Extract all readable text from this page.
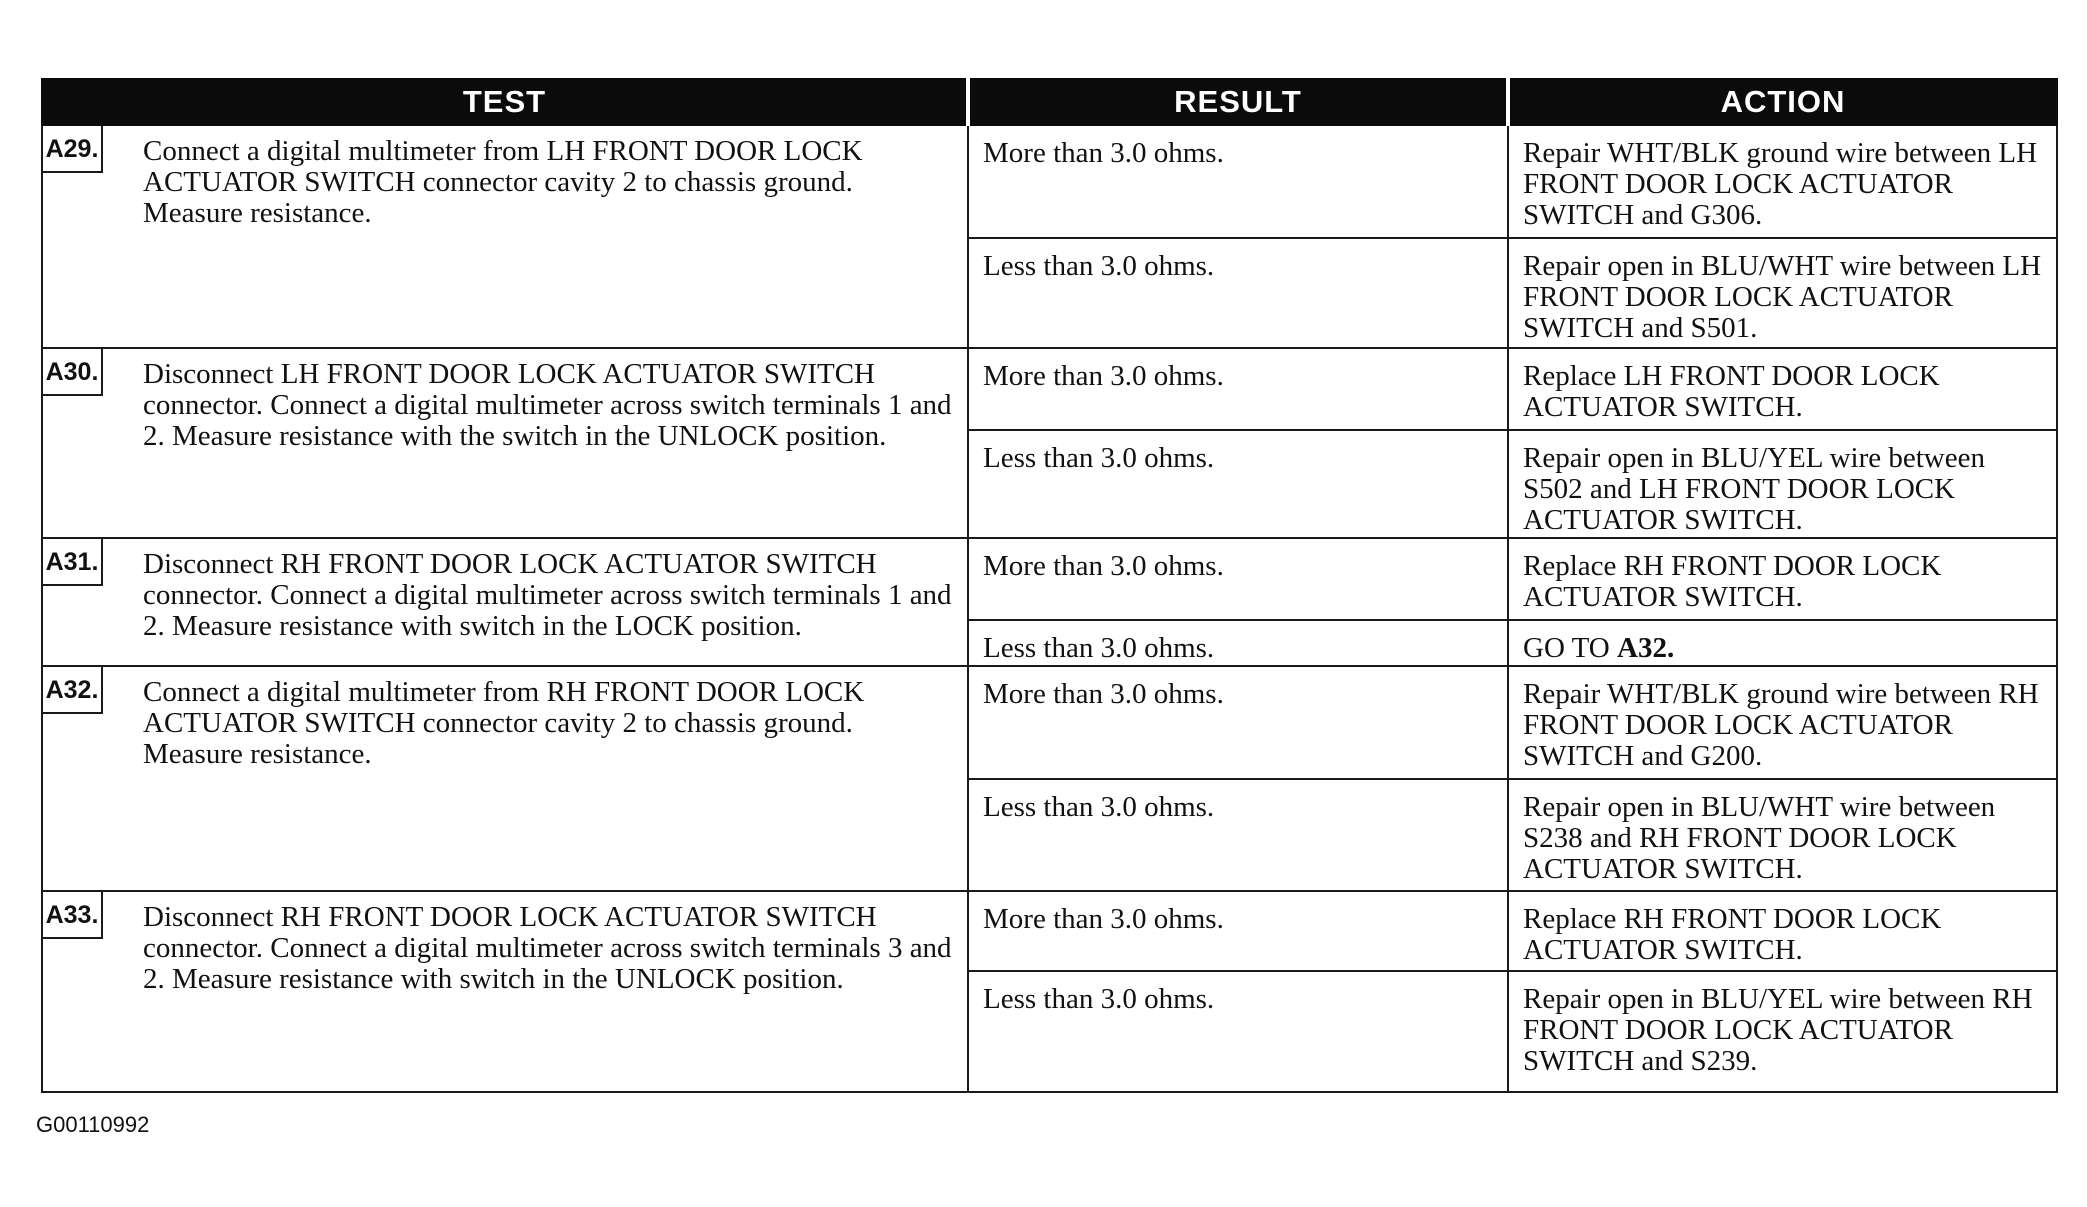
TEST	RESULT	ACTION

A29. Connect a digital multimeter from LH FRONT DOOR LOCK ACTUATOR SWITCH connector cavity 2 to chassis ground. Measure resistance.	More than 3.0 ohms.	Repair WHT/BLK ground wire between LH FRONT DOOR LOCK ACTUATOR SWITCH and G306.
	Less than 3.0 ohms.	Repair open in BLU/WHT wire between LH FRONT DOOR LOCK ACTUATOR SWITCH and S501.

A30. Disconnect LH FRONT DOOR LOCK ACTUATOR SWITCH connector. Connect a digital multimeter across switch terminals 1 and 2. Measure resistance with the switch in the UNLOCK position.	More than 3.0 ohms.	Replace LH FRONT DOOR LOCK ACTUATOR SWITCH.
	Less than 3.0 ohms.	Repair open in BLU/YEL wire between S502 and LH FRONT DOOR LOCK ACTUATOR SWITCH.

A31. Disconnect RH FRONT DOOR LOCK ACTUATOR SWITCH connector. Connect a digital multimeter across switch terminals 1 and 2. Measure resistance with switch in the LOCK position.	More than 3.0 ohms.	Replace RH FRONT DOOR LOCK ACTUATOR SWITCH.
	Less than 3.0 ohms.	GO TO A32.

A32. Connect a digital multimeter from RH FRONT DOOR LOCK ACTUATOR SWITCH connector cavity 2 to chassis ground. Measure resistance.	More than 3.0 ohms.	Repair WHT/BLK ground wire between RH FRONT DOOR LOCK ACTUATOR SWITCH and G200.
	Less than 3.0 ohms.	Repair open in BLU/WHT wire between S238 and RH FRONT DOOR LOCK ACTUATOR SWITCH.

A33. Disconnect RH FRONT DOOR LOCK ACTUATOR SWITCH connector. Connect a digital multimeter across switch terminals 3 and 2. Measure resistance with switch in the UNLOCK position.	More than 3.0 ohms.	Replace RH FRONT DOOR LOCK ACTUATOR SWITCH.
	Less than 3.0 ohms.	Repair open in BLU/YEL wire between RH FRONT DOOR LOCK ACTUATOR SWITCH and S239.
G00110992
